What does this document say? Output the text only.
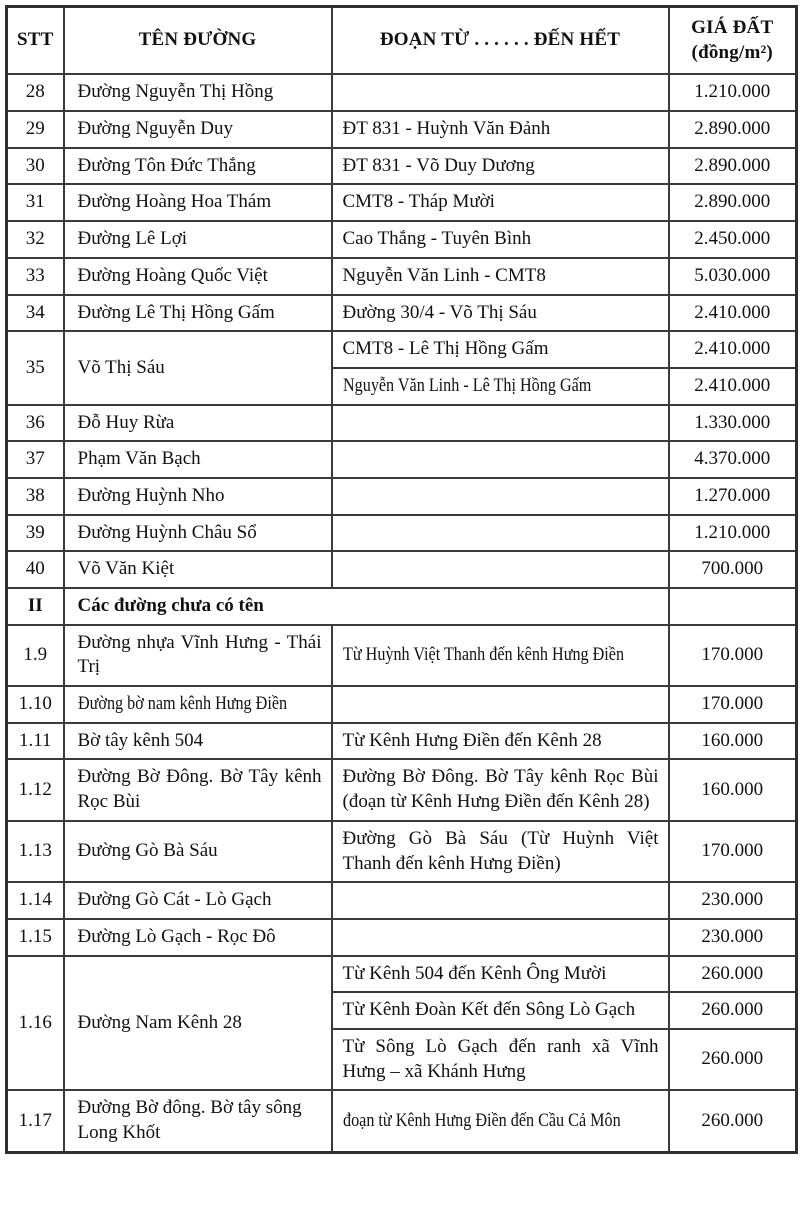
STT	TÊN ĐƯỜNG	ĐOẠN TỪ . . . . . . ĐẾN HẾT	GIÁ ĐẤT
(đồng/m²)

28	Đường Nguyễn Thị Hồng		1.210.000
29	Đường Nguyễn Duy	ĐT 831 - Huỳnh Văn Đảnh	2.890.000
30	Đường Tôn Đức Thắng	ĐT 831 - Võ Duy Dương	2.890.000
31	Đường Hoàng Hoa Thám	CMT8 - Tháp Mười	2.890.000
32	Đường Lê Lợi	Cao Thắng - Tuyên Bình	2.450.000
33	Đường Hoàng Quốc Việt	Nguyễn Văn Linh - CMT8	5.030.000
34	Đường Lê Thị Hồng Gấm	Đường 30/4 - Võ Thị Sáu	2.410.000
35	Võ Thị Sáu	CMT8 - Lê Thị Hồng Gấm	2.410.000
		Nguyễn Văn Linh - Lê Thị Hồng Gấm	2.410.000
36	Đỗ Huy Rừa		1.330.000
37	Phạm Văn Bạch		4.370.000
38	Đường Huỳnh Nho		1.270.000
39	Đường Huỳnh Châu Sổ		1.210.000
40	Võ Văn Kiệt		700.000
II	Các đường chưa có tên		
1.9	Đường nhựa Vĩnh Hưng - Thái Trị	Từ Huỳnh Việt Thanh đến kênh Hưng Điền	170.000
1.10	Đường bờ nam kênh Hưng Điền		170.000
1.11	Bờ tây kênh 504	Từ Kênh Hưng Điền đến Kênh 28	160.000
1.12	Đường Bờ Đông. Bờ Tây kênh Rọc Bùi	Đường Bờ Đông. Bờ Tây kênh Rọc Bùi (đoạn từ Kênh Hưng Điền đến Kênh 28)	160.000
1.13	Đường Gò Bà Sáu	Đường Gò Bà Sáu (Từ Huỳnh Việt Thanh đến kênh Hưng Điền)	170.000
1.14	Đường Gò Cát - Lò Gạch		230.000
1.15	Đường Lò Gạch - Rọc Đô		230.000
1.16	Đường Nam Kênh 28	Từ Kênh 504 đến Kênh Ông Mười	260.000
		Từ Kênh Đoàn Kết đến Sông Lò Gạch	260.000
		Từ Sông Lò Gạch đến ranh xã Vĩnh Hưng – xã Khánh Hưng	260.000
1.17	Đường Bờ đông. Bờ tây sông Long Khốt	đoạn từ Kênh Hưng Điền đến Cầu Cả Môn	260.000
